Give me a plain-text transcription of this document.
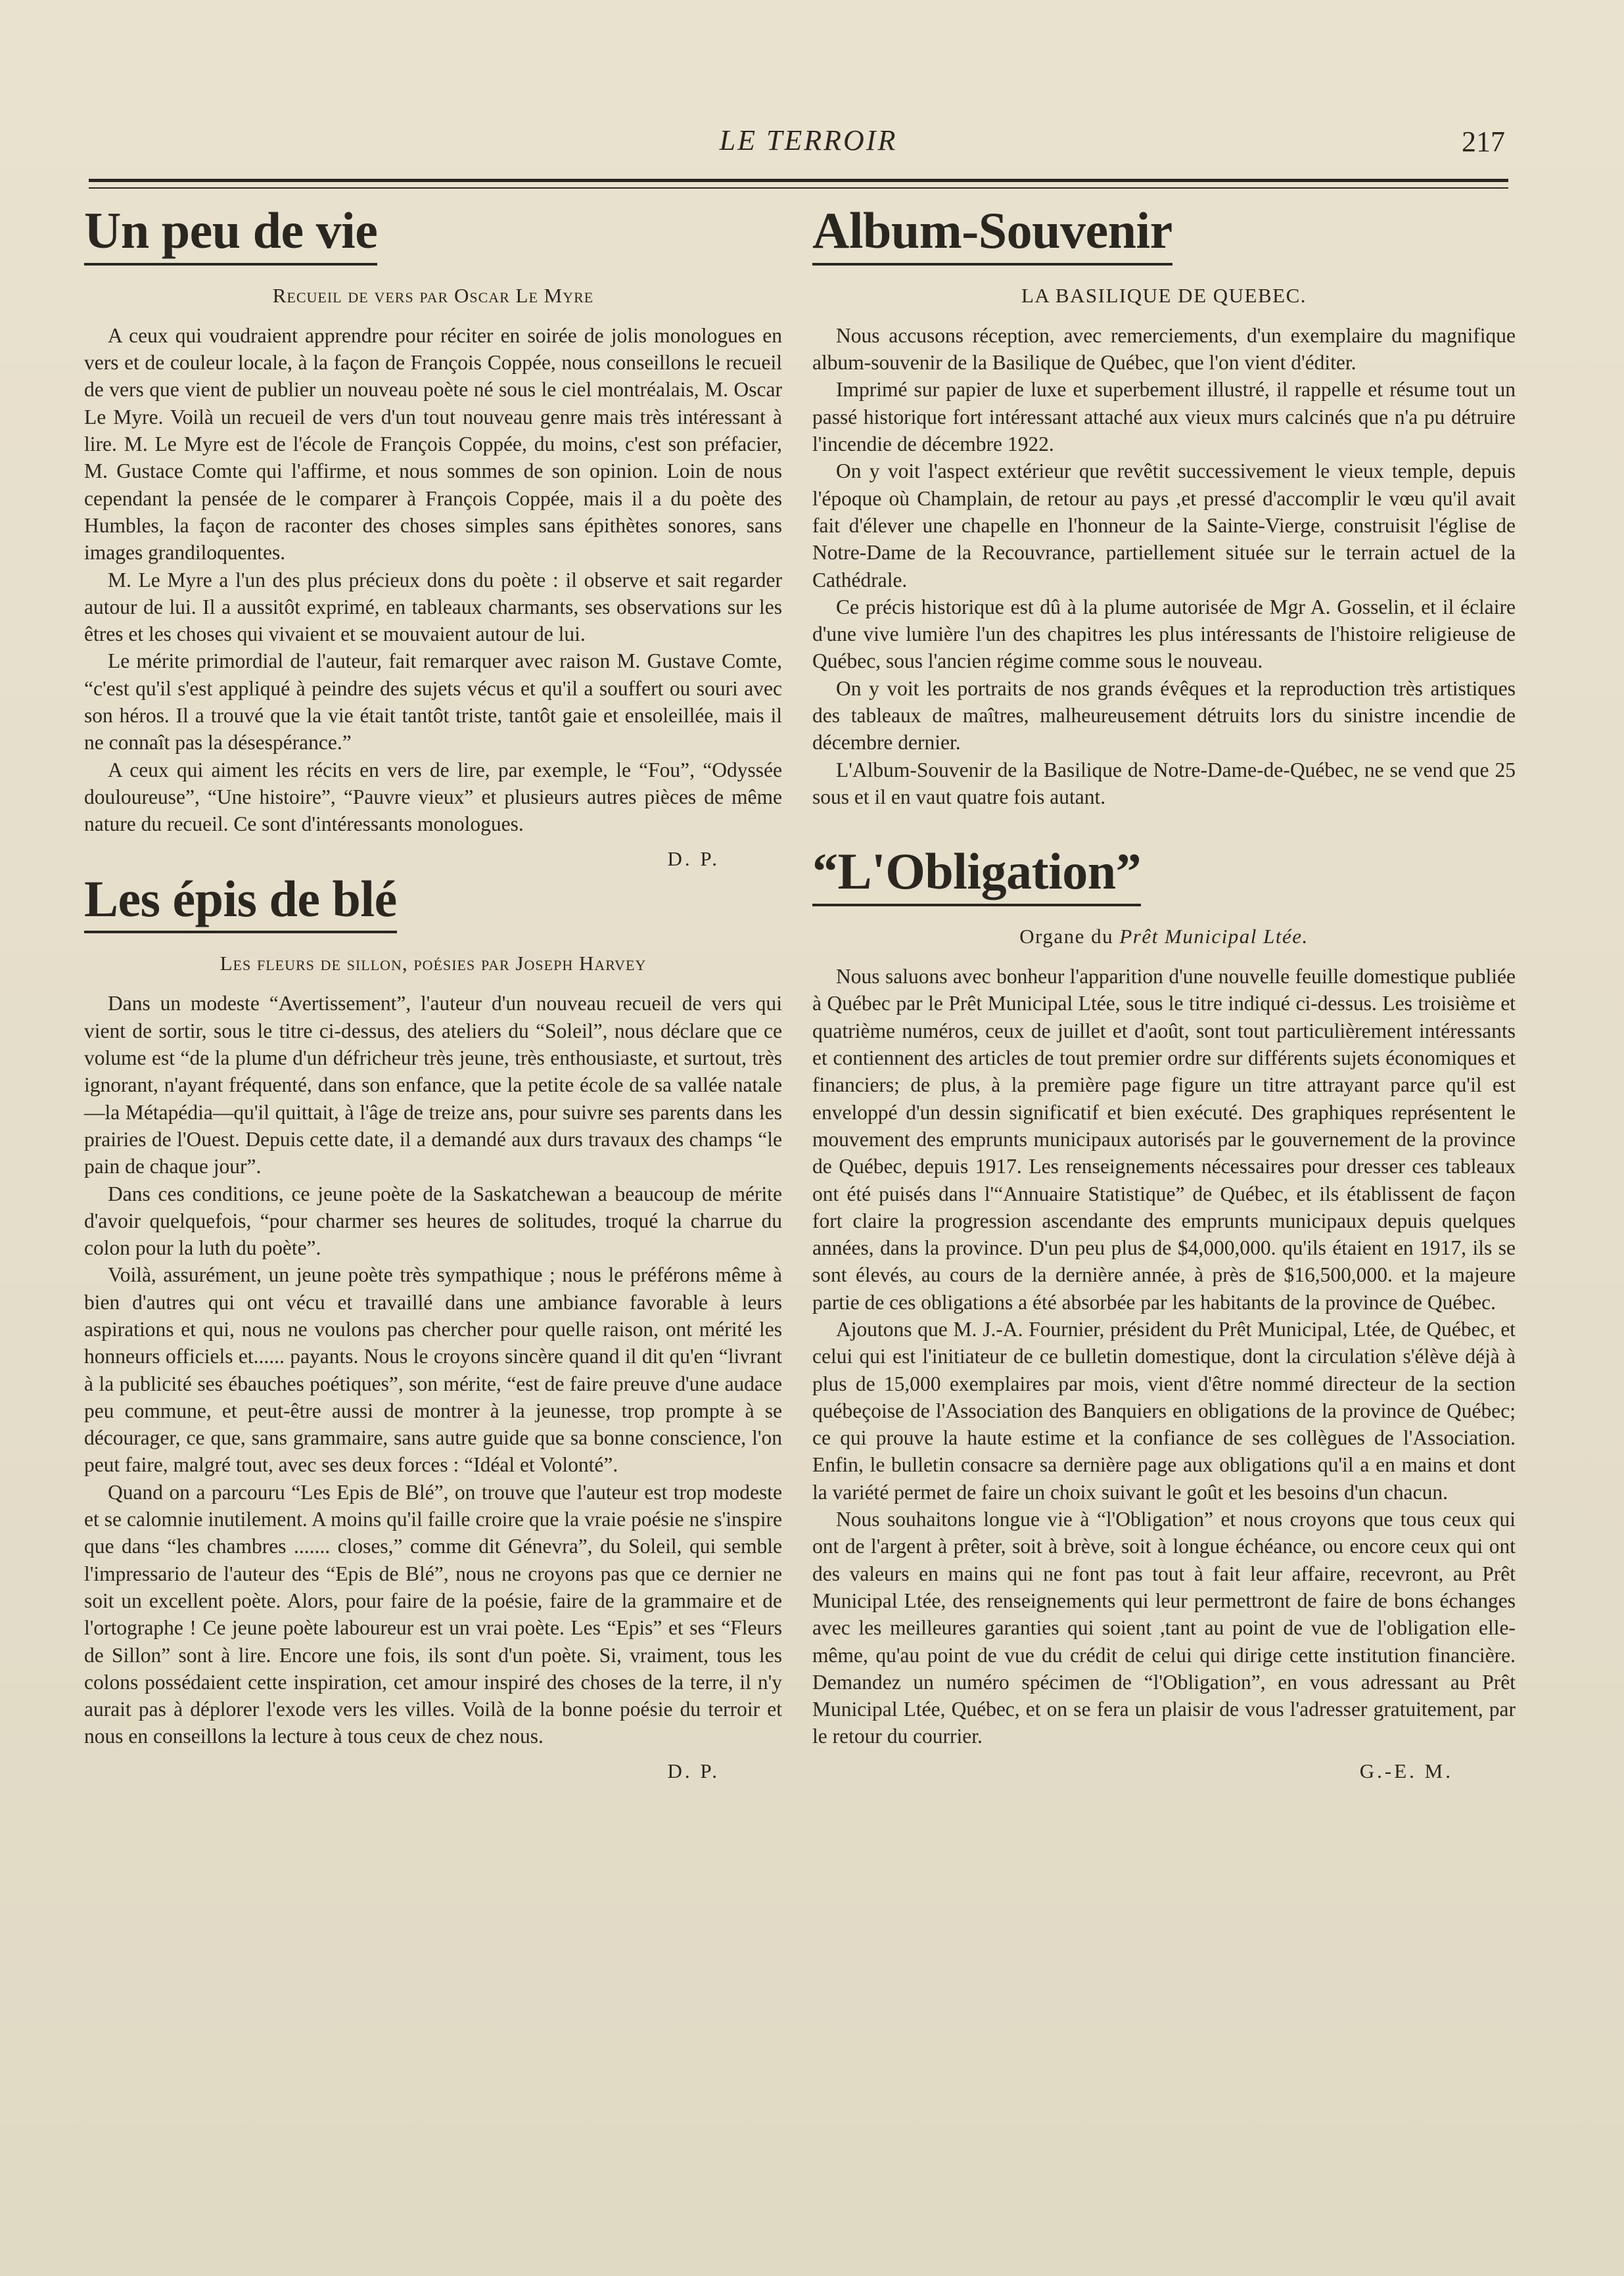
LE TERROIR	217
Un peu de vie
Recueil de vers par Oscar Le Myre

A ceux qui voudraient apprendre pour réciter en soirée de jolis monologues en vers et de couleur locale, à la façon de François Coppée, nous conseillons le recueil de vers que vient de publier un nouveau poète né sous le ciel montréalais, M. Oscar Le Myre. Voilà un recueil de vers d'un tout nouveau genre mais très intéressant à lire. M. Le Myre est de l'école de François Coppée, du moins, c'est son préfacier, M. Gustace Comte qui l'affirme, et nous sommes de son opinion. Loin de nous cependant la pensée de le comparer à François Coppée, mais il a du poète des Humbles, la façon de raconter des choses simples sans épithètes sonores, sans images grandiloquentes.

M. Le Myre a l'un des plus précieux dons du poète : il observe et sait regarder autour de lui. Il a aussitôt exprimé, en tableaux charmants, ses observations sur les êtres et les choses qui vivaient et se mouvaient autour de lui.

Le mérite primordial de l'auteur, fait remarquer avec raison M. Gustave Comte, “c'est qu'il s'est appliqué à peindre des sujets vécus et qu'il a souffert ou souri avec son héros. Il a trouvé que la vie était tantôt triste, tantôt gaie et ensoleillée, mais il ne connaît pas la désespérance.”

A ceux qui aiment les récits en vers de lire, par exemple, le “Fou”, “Odyssée douloureuse”, “Une histoire”, “Pauvre vieux” et plusieurs autres pièces de même nature du recueil. Ce sont d'intéressants monologues.

D. P.
Les épis de blé
Les fleurs de sillon, poésies par Joseph Harvey

Dans un modeste “Avertissement”, l'auteur d'un nouveau recueil de vers qui vient de sortir, sous le titre ci-dessus, des ateliers du “Soleil”, nous déclare que ce volume est “de la plume d'un défricheur très jeune, très enthousiaste, et surtout, très ignorant, n'ayant fréquenté, dans son enfance, que la petite école de sa vallée natale—la Métapédia—qu'il quittait, à l'âge de treize ans, pour suivre ses parents dans les prairies de l'Ouest. Depuis cette date, il a demandé aux durs travaux des champs “le pain de chaque jour”.

Dans ces conditions, ce jeune poète de la Saskatchewan a beaucoup de mérite d'avoir quelquefois, “pour charmer ses heures de solitudes, troqué la charrue du colon pour la luth du poète”.

Voilà, assurément, un jeune poète très sympathique ; nous le préférons même à bien d'autres qui ont vécu et travaillé dans une ambiance favorable à leurs aspirations et qui, nous ne voulons pas chercher pour quelle raison, ont mérité les honneurs officiels et...... payants. Nous le croyons sincère quand il dit qu'en “livrant à la publicité ses ébauches poétiques”, son mérite, “est de faire preuve d'une audace peu commune, et peut-être aussi de montrer à la jeunesse, trop prompte à se décourager, ce que, sans grammaire, sans autre guide que sa bonne conscience, l'on peut faire, malgré tout, avec ses deux forces : “Idéal et Volonté”.

Quand on a parcouru “Les Epis de Blé”, on trouve que l'auteur est trop modeste et se calomnie inutilement. A moins qu'il faille croire que la vraie poésie ne s'inspire que dans “les chambres ....... closes,” comme dit Génevra”, du Soleil, qui semble l'impressario de l'auteur des “Epis de Blé”, nous ne croyons pas que ce dernier ne soit un excellent poète. Alors, pour faire de la poésie, faire de la grammaire et de l'ortographe ! Ce jeune poète laboureur est un vrai poète. Les “Epis” et ses “Fleurs de Sillon” sont à lire. Encore une fois, ils sont d'un poète. Si, vraiment, tous les colons possédaient cette inspiration, cet amour inspiré des choses de la terre, il n'y aurait pas à déplorer l'exode vers les villes. Voilà de la bonne poésie du terroir et nous en conseillons la lecture à tous ceux de chez nous.

D. P.
Album-Souvenir
LA BASILIQUE DE QUEBEC.

Nous accusons réception, avec remerciements, d'un exemplaire du magnifique album-souvenir de la Basilique de Québec, que l'on vient d'éditer.

Imprimé sur papier de luxe et superbement illustré, il rappelle et résume tout un passé historique fort intéressant attaché aux vieux murs calcinés que n'a pu détruire l'incendie de décembre 1922.

On y voit l'aspect extérieur que revêtit successivement le vieux temple, depuis l'époque où Champlain, de retour au pays ,et pressé d'accomplir le vœu qu'il avait fait d'élever une chapelle en l'honneur de la Sainte-Vierge, construisit l'église de Notre-Dame de la Recouvrance, partiellement située sur le terrain actuel de la Cathédrale.

Ce précis historique est dû à la plume autorisée de Mgr A. Gosselin, et il éclaire d'une vive lumière l'un des chapitres les plus intéressants de l'histoire religieuse de Québec, sous l'ancien régime comme sous le nouveau.

On y voit les portraits de nos grands évêques et la reproduction très artistiques des tableaux de maîtres, malheureusement détruits lors du sinistre incendie de décembre dernier.

L'Album-Souvenir de la Basilique de Notre-Dame-de-Québec, ne se vend que 25 sous et il en vaut quatre fois autant.

“L'Obligation”
Organe du Prêt Municipal Ltée.

Nous saluons avec bonheur l'apparition d'une nouvelle feuille domestique publiée à Québec par le Prêt Municipal Ltée, sous le titre indiqué ci-dessus. Les troisième et quatrième numéros, ceux de juillet et d'août, sont tout particulièrement intéressants et contiennent des articles de tout premier ordre sur différents sujets économiques et financiers; de plus, à la première page figure un titre attrayant parce qu'il est enveloppé d'un dessin significatif et bien exécuté. Des graphiques représentent le mouvement des emprunts municipaux autorisés par le gouvernement de la province de Québec, depuis 1917. Les renseignements nécessaires pour dresser ces tableaux ont été puisés dans l'“Annuaire Statistique” de Québec, et ils établissent de façon fort claire la progression ascendante des emprunts municipaux depuis quelques années, dans la province. D'un peu plus de $4,000,000. qu'ils étaient en 1917, ils se sont élevés, au cours de la dernière année, à près de $16,500,000. et la majeure partie de ces obligations a été absorbée par les habitants de la province de Québec.

Ajoutons que M. J.-A. Fournier, président du Prêt Municipal, Ltée, de Québec, et celui qui est l'initiateur de ce bulletin domestique, dont la circulation s'élève déjà à plus de 15,000 exemplaires par mois, vient d'être nommé directeur de la section québeçoise de l'Association des Banquiers en obligations de la province de Québec; ce qui prouve la haute estime et la confiance de ses collègues de l'Association. Enfin, le bulletin consacre sa dernière page aux obligations qu'il a en mains et dont la variété permet de faire un choix suivant le goût et les besoins d'un chacun.

Nous souhaitons longue vie à “l'Obligation” et nous croyons que tous ceux qui ont de l'argent à prêter, soit à brève, soit à longue échéance, ou encore ceux qui ont des valeurs en mains qui ne font pas tout à fait leur affaire, recevront, au Prêt Municipal Ltée, des renseignements qui leur permettront de faire de bons échanges avec les meilleures garanties qui soient ,tant au point de vue de l'obligation elle-même, qu'au point de vue du crédit de celui qui dirige cette institution financière. Demandez un numéro spécimen de “l'Obligation”, en vous adressant au Prêt Municipal Ltée, Québec, et on se fera un plaisir de vous l'adresser gratuitement, par le retour du courrier.

G.-E. M.
